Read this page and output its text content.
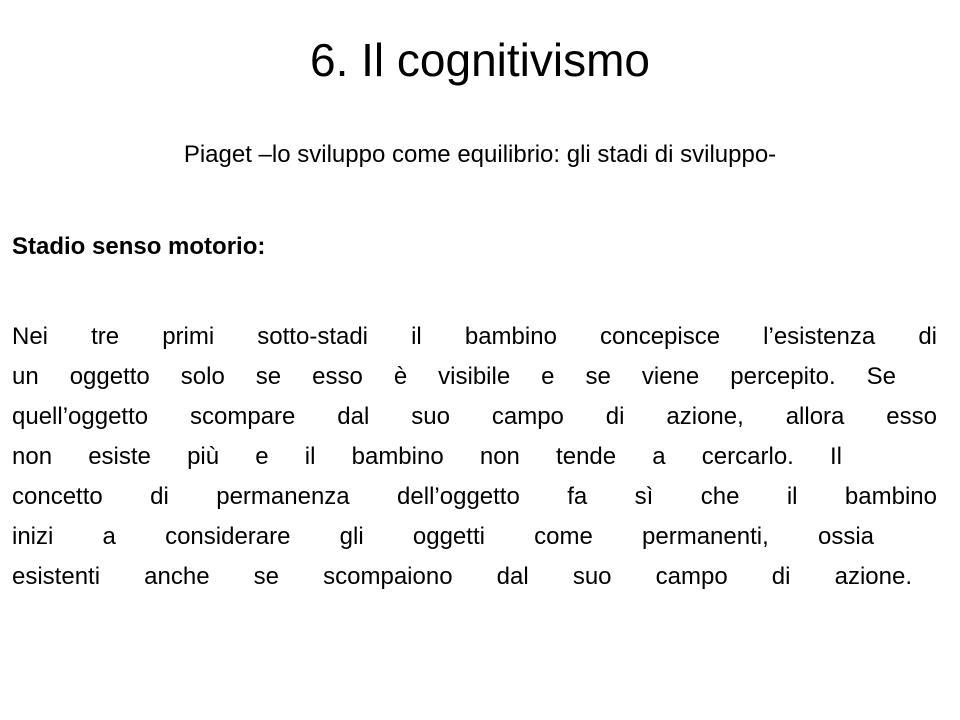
6. Il cognitivismo

Piaget –lo sviluppo come equilibrio: gli stadi di sviluppo-

Stadio senso motorio:

Nei tre primi sotto-stadi il bambino concepisce l’esistenza di
un oggetto solo se esso è visibile e se viene percepito. Se
quell’oggetto scompare dal suo campo di azione, allora esso
non esiste più e il bambino non tende a cercarlo. Il
concetto di permanenza dell’oggetto fa sì che il bambino
inizi a considerare gli oggetti come permanenti, ossia
esistenti anche se scompaiono dal suo campo di azione.
